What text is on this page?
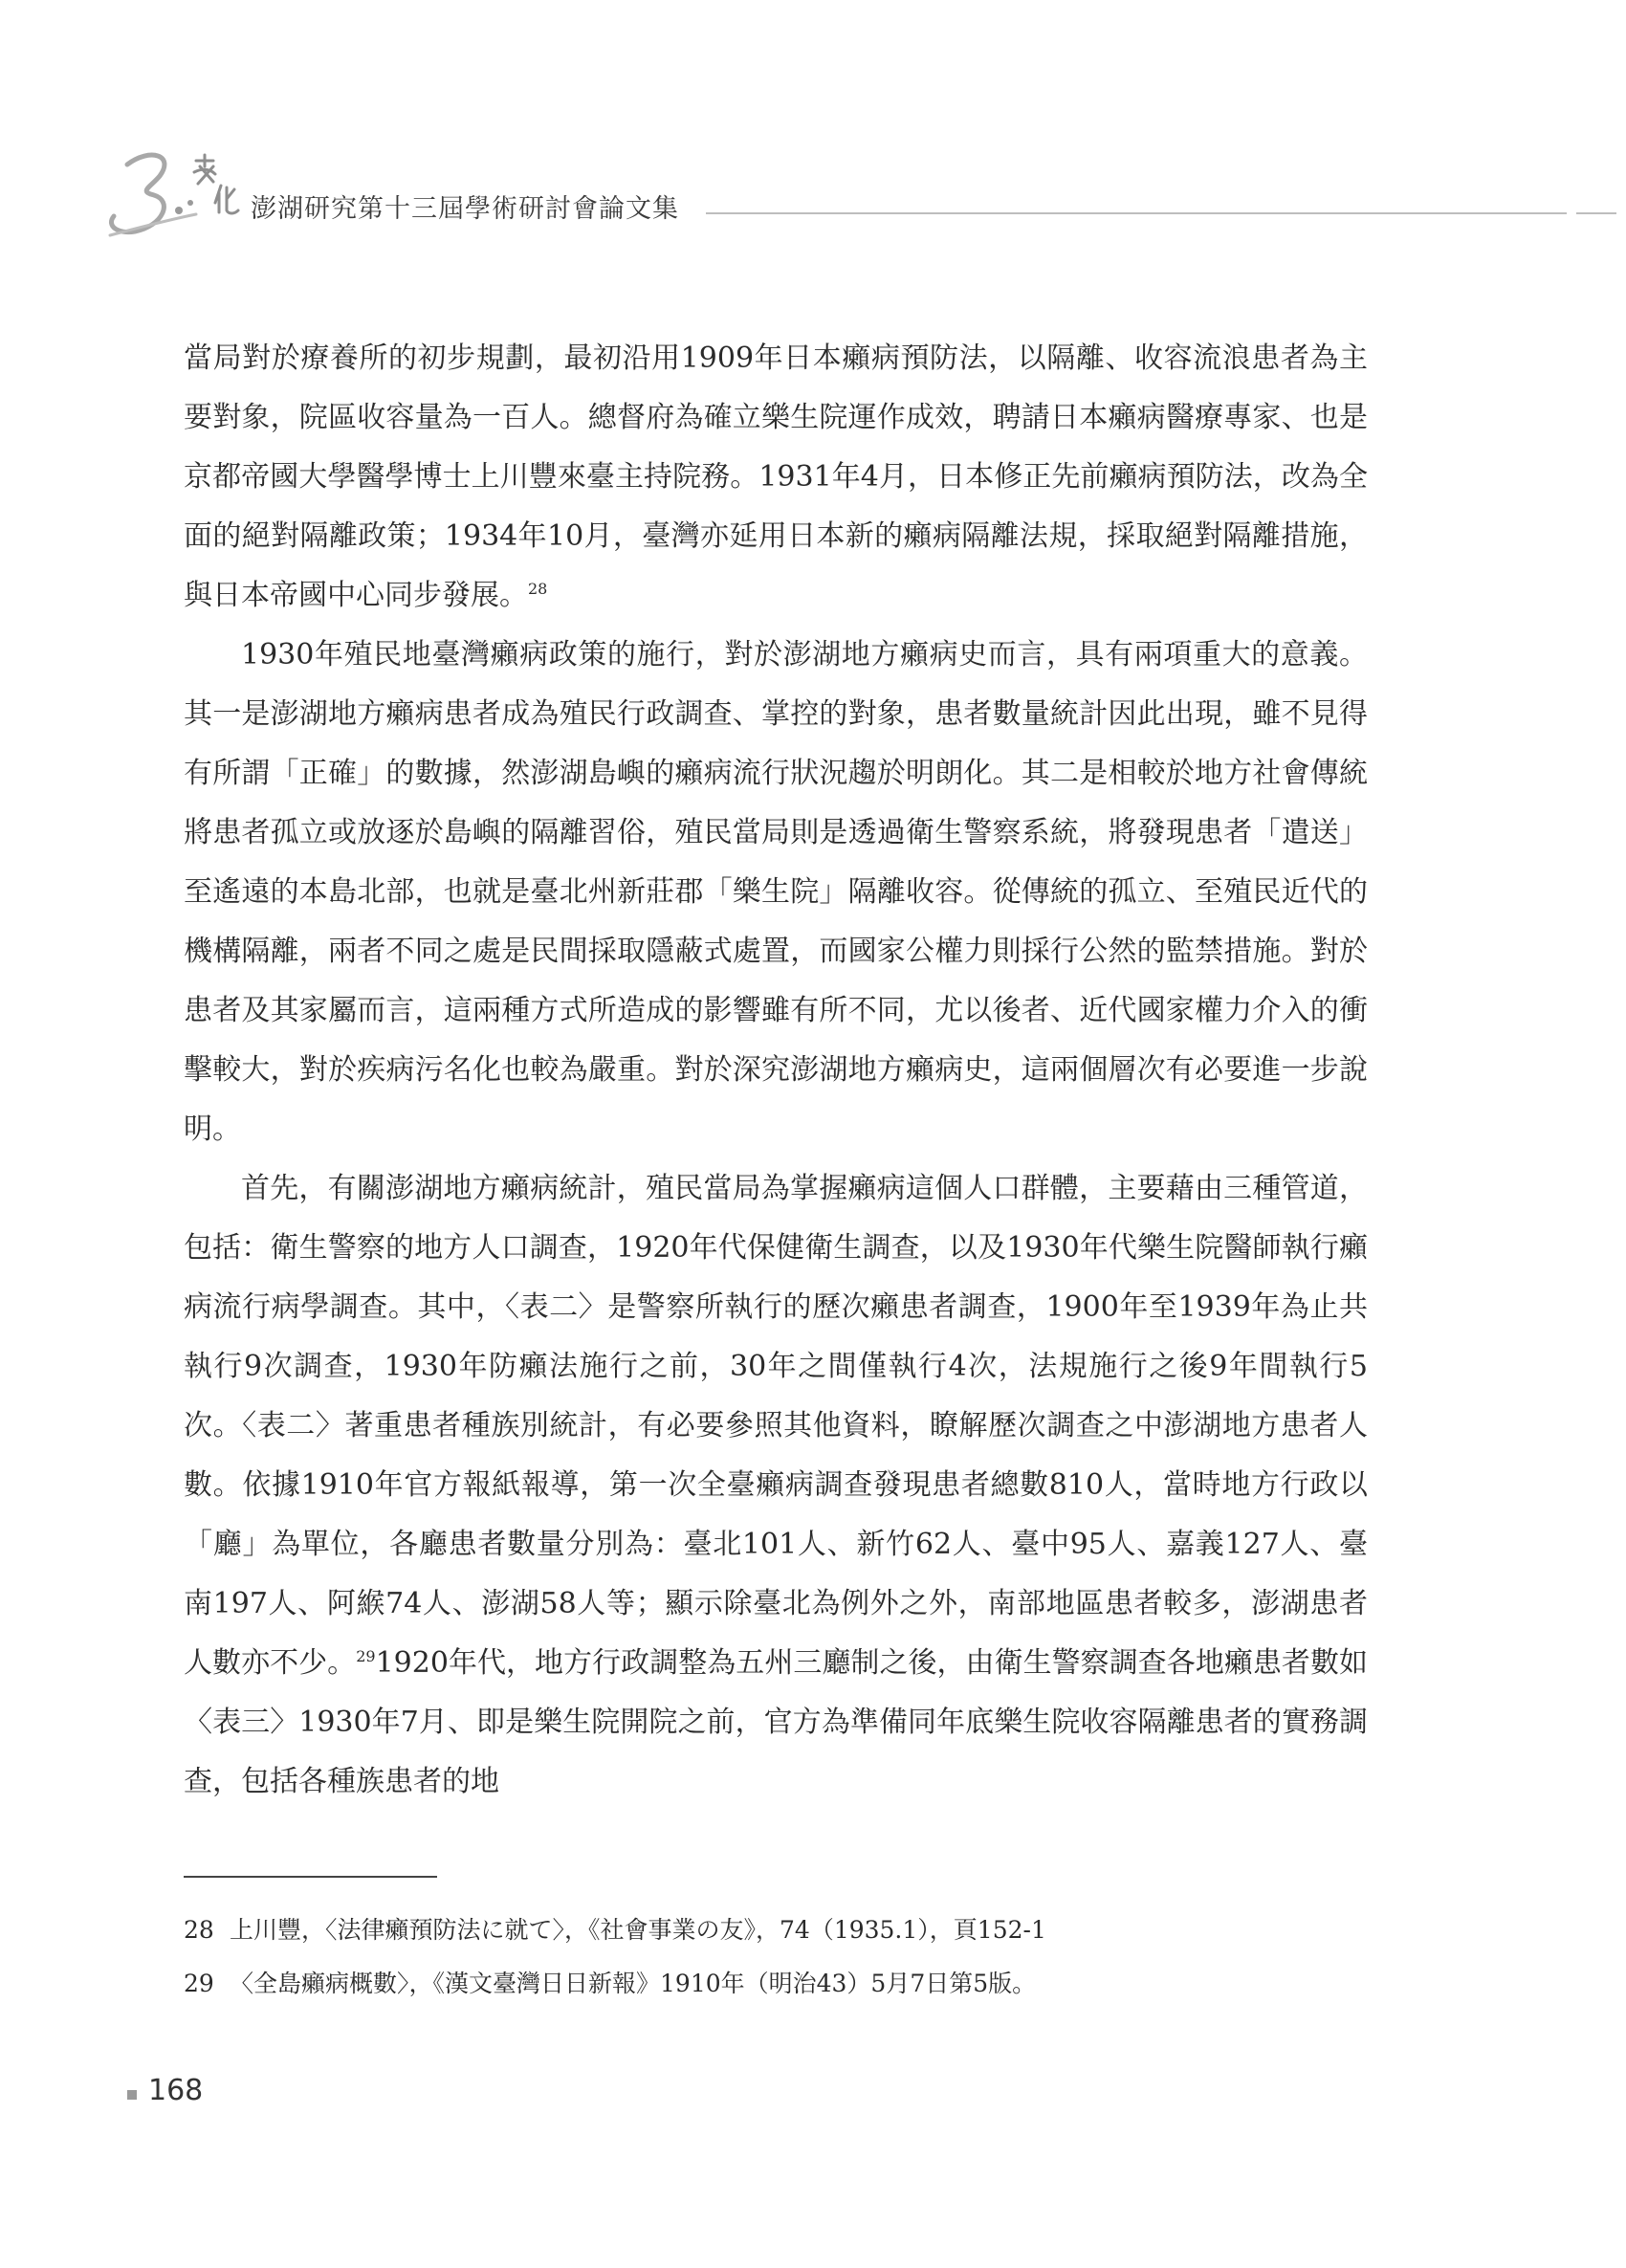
澎湖研究第十三屆學術研討會論文集

當局對於療養所的初步規劃，最初沿用1909年日本癩病預防法，以隔離、收容流浪患者為主要對象，院區收容量為一百人。總督府為確立樂生院運作成效，聘請日本癩病醫療專家、也是京都帝國大學醫學博士上川豐來臺主持院務。1931年4月，日本修正先前癩病預防法，改為全面的絕對隔離政策；1934年10月，臺灣亦延用日本新的癩病隔離法規，採取絕對隔離措施，與日本帝國中心同步發展。$^{28}$

1930年殖民地臺灣癩病政策的施行，對於澎湖地方癩病史而言，具有兩項重大的意義。其一是澎湖地方癩病患者成為殖民行政調查、掌控的對象，患者數量統計因此出現，雖不見得有所謂「正確」的數據，然澎湖島嶼的癩病流行狀況趨於明朗化。其二是相較於地方社會傳統將患者孤立或放逐於島嶼的隔離習俗，殖民當局則是透過衛生警察系統，將發現患者「遣送」至遙遠的本島北部，也就是臺北州新莊郡「樂生院」隔離收容。從傳統的孤立、至殖民近代的機構隔離，兩者不同之處是民間採取隱蔽式處置，而國家公權力則採行公然的監禁措施。對於患者及其家屬而言，這兩種方式所造成的影響雖有所不同，尤以後者、近代國家權力介入的衝擊較大，對於疾病污名化也較為嚴重。對於深究澎湖地方癩病史，這兩個層次有必要進一步說明。

首先，有關澎湖地方癩病統計，殖民當局為掌握癩病這個人口群體，主要藉由三種管道，包括：衛生警察的地方人口調查，1920年代保健衛生調查，以及1930年代樂生院醫師執行癩病流行病學調查。其中，〈表二〉是警察所執行的歷次癩患者調查，1900年至1939年為止共執行9次調查，1930年防癩法施行之前，30年之間僅執行4次，法規施行之後9年間執行5次。〈表二〉著重患者種族別統計，有必要參照其他資料，瞭解歷次調查之中澎湖地方患者人數。依據1910年官方報紙報導，第一次全臺癩病調查發現患者總數810人，當時地方行政以「廳」為單位，各廳患者數量分別為：臺北101人、新竹62人、臺中95人、嘉義127人、臺南197人、阿緱74人、澎湖58人等；顯示除臺北為例外之外，南部地區患者較多，澎湖患者人數亦不少。$^{29}$1920年代，地方行政調整為五州三廳制之後，由衛生警察調查各地癩患者數如〈表三〉1930年7月、即是樂生院開院之前，官方為準備同年底樂生院收容隔離患者的實務調查，包括各種族患者的地

28 上川豐，〈法律癩預防法に就て〉，《社會事業の友》，74（1935.1），頁152-1
29 〈全島癩病概數〉，《漢文臺灣日日新報》1910年（明治43）5月7日第5版。
168
